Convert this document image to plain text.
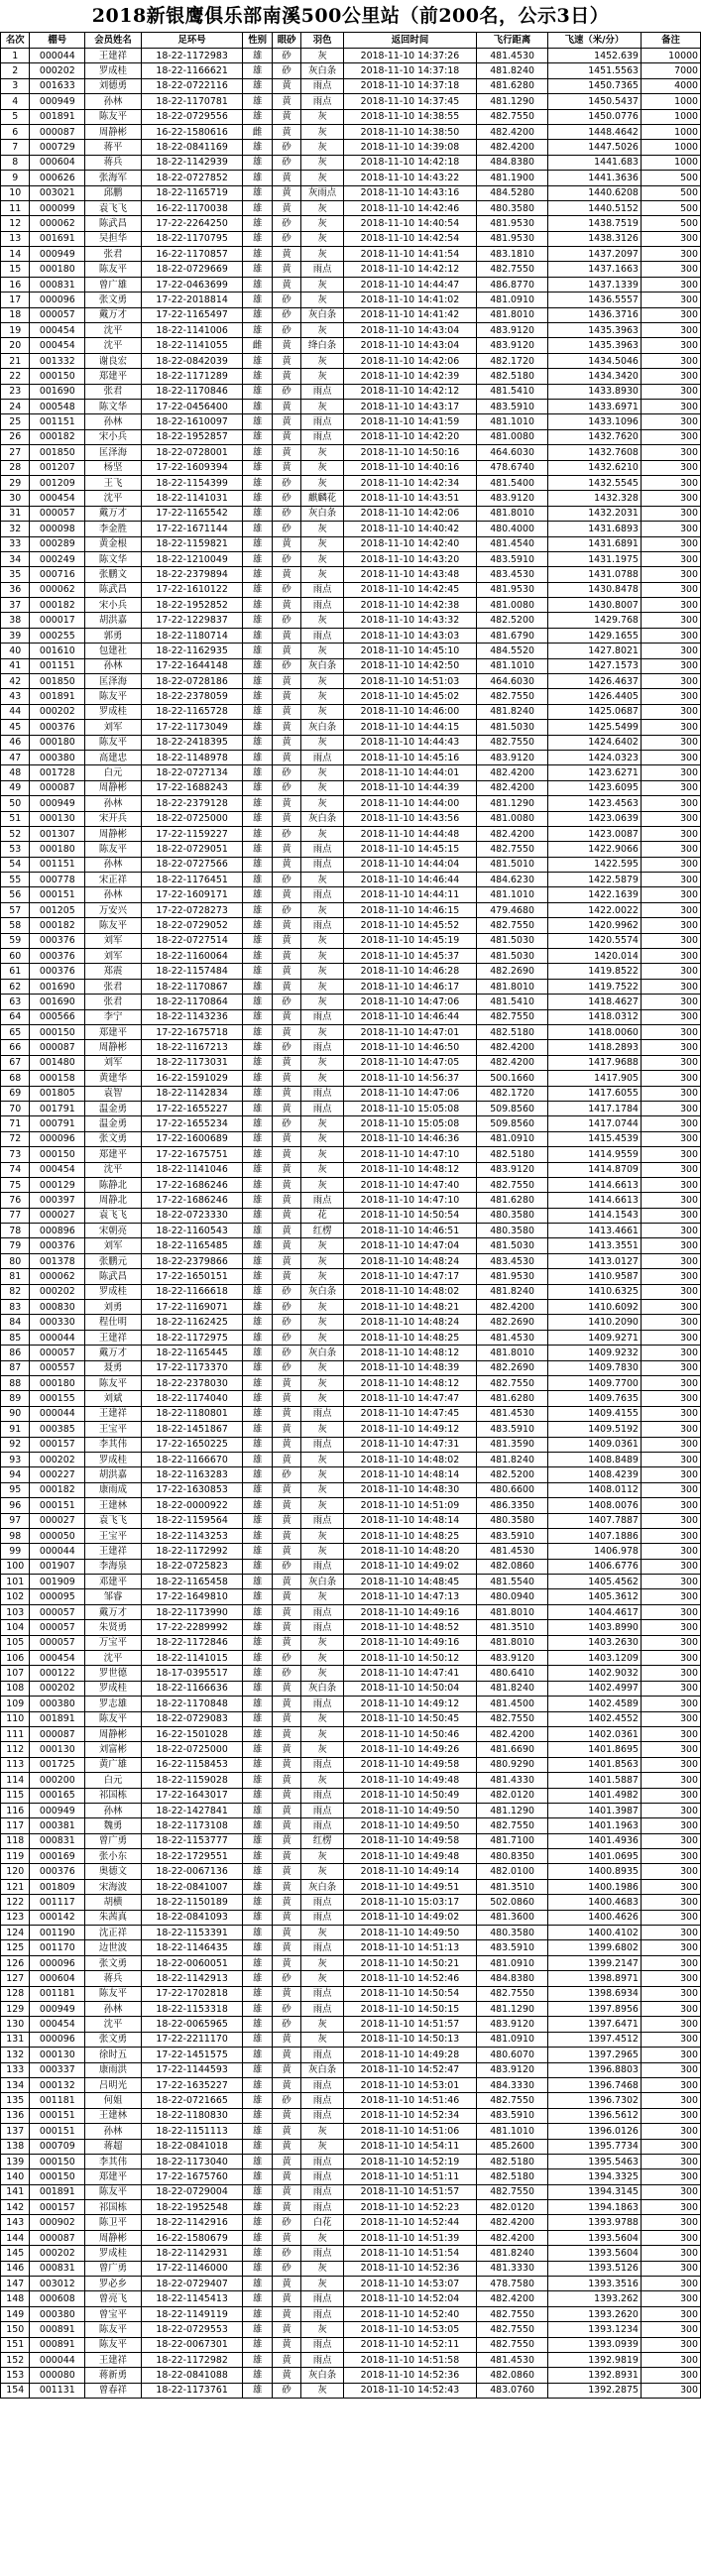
2018新银鹰俱乐部南溪500公里站（前200名，公示3日）
名次	棚号	会员姓名	足环号	性别	眼砂	羽色	返回时间	飞行距离	飞速（米/分）	备注
1	000044	王建祥	18-22-1172983	雄	砂	灰	2018-11-10 14:37:26	481.4530	1452.639	10000
2	000202	罗成桂	18-22-1166621	雄	砂	灰白条	2018-11-10 14:37:18	481.8240	1451.5563	7000
3	001633	刘德勇	18-22-0722116	雄	黄	雨点	2018-11-10 14:37:18	481.6280	1450.7365	4000
4	000949	孙林	18-22-1170781	雄	黄	雨点	2018-11-10 14:37:45	481.1290	1450.5437	1000
5	001891	陈友平	18-22-0729556	雄	黄	灰	2018-11-10 14:38:55	482.7550	1450.0776	1000
6	000087	周静彬	16-22-1580616	雌	黄	灰	2018-11-10 14:38:50	482.4200	1448.4642	1000
7	000729	蒋平	18-22-0841169	雄	砂	灰	2018-11-10 14:39:08	482.4200	1447.5026	1000
8	000604	蒋兵	18-22-1142939	雄	砂	灰	2018-11-10 14:42:18	484.8380	1441.683	1000
9	000626	张海军	18-22-0727852	雄	黄	灰	2018-11-10 14:43:22	481.1900	1441.3636	500
10	003021	邱鹏	18-22-1165719	雄	黄	灰雨点	2018-11-10 14:43:16	484.5280	1440.6208	500
11	000099	袁飞飞	16-22-1170038	雄	黄	灰	2018-11-10 14:42:46	480.3580	1440.5152	500
12	000062	陈武昌	17-22-2264250	雄	砂	灰	2018-11-10 14:40:54	481.9530	1438.7519	500
13	001691	吴担华	18-22-1170795	雄	砂	灰	2018-11-10 14:42:54	481.9530	1438.3126	300
14	000949	张君	16-22-1170857	雄	黄	灰	2018-11-10 14:41:54	483.1810	1437.2097	300
15	000180	陈友平	18-22-0729669	雄	黄	雨点	2018-11-10 14:42:12	482.7550	1437.1663	300
16	000831	曾广雄	17-22-0463699	雄	黄	灰	2018-11-10 14:44:47	486.8770	1437.1339	300
17	000096	张文勇	17-22-2018814	雄	砂	灰	2018-11-10 14:41:02	481.0910	1436.5557	300
18	000057	戴万才	17-22-1165497	雄	砂	灰白条	2018-11-10 14:41:42	481.8010	1436.3716	300
19	000454	沈平	18-22-1141006	雄	砂	灰	2018-11-10 14:43:04	483.9120	1435.3963	300
20	000454	沈平	18-22-1141055	雌	黄	绛白条	2018-11-10 14:43:04	483.9120	1435.3963	300
21	001332	谢良宏	18-22-0842039	雄	黄	灰	2018-11-10 14:42:06	482.1720	1434.5046	300
22	000150	郑建平	18-22-1171289	雄	黄	灰	2018-11-10 14:42:39	482.5180	1434.3420	300
23	001690	张君	18-22-1170846	雄	砂	雨点	2018-11-10 14:42:12	481.5410	1433.8930	300
24	000548	陈文华	17-22-0456400	雄	黄	灰	2018-11-10 14:43:17	483.5910	1433.6971	300
25	001151	孙林	18-22-1610097	雄	黄	雨点	2018-11-10 14:41:59	481.1010	1433.1096	300
26	000182	宋小兵	18-22-1952857	雄	黄	雨点	2018-11-10 14:42:20	481.0080	1432.7620	300
27	001850	匡泽海	18-22-0728001	雄	黄	灰	2018-11-10 14:50:16	464.6030	1432.7608	300
28	001207	杨坚	17-22-1609394	雄	黄	灰	2018-11-10 14:40:16	478.6740	1432.6210	300
29	001209	王飞	18-22-1154399	雄	砂	灰	2018-11-10 14:42:34	481.5400	1432.5545	300
30	000454	沈平	18-22-1141031	雄	砂	麒麟花	2018-11-10 14:43:51	483.9120	1432.328	300
31	000057	戴万才	17-22-1165542	雄	砂	灰白条	2018-11-10 14:42:06	481.8010	1432.2031	300
32	000098	李金胜	17-22-1671144	雄	砂	灰	2018-11-10 14:40:42	480.4000	1431.6893	300
33	000289	黄金根	18-22-1159821	雄	黄	灰	2018-11-10 14:42:40	481.4540	1431.6891	300
34	000249	陈文华	18-22-1210049	雄	砂	灰	2018-11-10 14:43:20	483.5910	1431.1975	300
35	000716	张鹏文	18-22-2379894	雄	黄	灰	2018-11-10 14:43:48	483.4530	1431.0788	300
36	000062	陈武昌	17-22-1610122	雄	砂	雨点	2018-11-10 14:42:45	481.9530	1430.8478	300
37	000182	宋小兵	18-22-1952852	雄	黄	雨点	2018-11-10 14:42:38	481.0080	1430.8007	300
38	000017	胡洪嘉	17-22-1229837	雄	砂	灰	2018-11-10 14:43:32	482.5200	1429.768	300
39	000255	郭勇	18-22-1180714	雄	黄	雨点	2018-11-10 14:43:03	481.6790	1429.1655	300
40	001610	包建社	18-22-1162935	雄	黄	灰	2018-11-10 14:45:10	484.5520	1427.8021	300
41	001151	孙林	17-22-1644148	雄	砂	灰白条	2018-11-10 14:42:50	481.1010	1427.1573	300
42	001850	匡泽海	18-22-0728186	雄	黄	灰	2018-11-10 14:51:03	464.6030	1426.4637	300
43	001891	陈友平	18-22-2378059	雄	黄	灰	2018-11-10 14:45:02	482.7550	1426.4405	300
44	000202	罗成桂	18-22-1165728	雄	黄	灰	2018-11-10 14:46:00	481.8240	1425.0687	300
45	000376	刘军	17-22-1173049	雄	黄	灰白条	2018-11-10 14:44:15	481.5030	1425.5499	300
46	000180	陈友平	18-22-2418395	雄	黄	灰	2018-11-10 14:44:43	482.7550	1424.6402	300
47	000380	高建忠	18-22-1148978	雄	黄	雨点	2018-11-10 14:45:16	483.9120	1424.0323	300
48	001728	白元	18-22-0727134	雄	砂	灰	2018-11-10 14:44:01	482.4200	1423.6271	300
49	000087	周静彬	17-22-1688243	雄	砂	灰	2018-11-10 14:44:39	482.4200	1423.6095	300
50	000949	孙林	18-22-2379128	雄	黄	灰	2018-11-10 14:44:00	481.1290	1423.4563	300
51	000130	宋开兵	18-22-0725000	雄	黄	灰白条	2018-11-10 14:43:56	481.0080	1423.0639	300
52	001307	周静彬	17-22-1159227	雄	砂	灰	2018-11-10 14:44:48	482.4200	1423.0087	300
53	000180	陈友平	18-22-0729051	雄	黄	雨点	2018-11-10 14:45:15	482.7550	1422.9066	300
54	001151	孙林	18-22-0727566	雄	黄	雨点	2018-11-10 14:44:04	481.5010	1422.595	300
55	000778	宋正祥	18-22-1176451	雄	砂	灰	2018-11-10 14:46:44	484.6230	1422.5879	300
56	000151	孙林	17-22-1609171	雄	黄	雨点	2018-11-10 14:44:11	481.1010	1422.1639	300
57	001205	万安兴	17-22-0728273	雄	砂	灰	2018-11-10 14:46:15	479.4680	1422.0022	300
58	000182	陈友平	18-22-0729052	雄	黄	雨点	2018-11-10 14:45:52	482.7550	1420.9962	300
59	000376	刘军	18-22-0727514	雄	黄	灰	2018-11-10 14:45:19	481.5030	1420.5574	300
60	000376	刘军	18-22-1160064	雄	黄	灰	2018-11-10 14:45:37	481.5030	1420.014	300
61	000376	郑震	18-22-1157484	雄	黄	灰	2018-11-10 14:46:28	482.2690	1419.8522	300
62	001690	张君	18-22-1170867	雄	黄	灰	2018-11-10 14:46:17	481.8010	1419.7522	300
63	001690	张君	18-22-1170864	雄	砂	灰	2018-11-10 14:47:06	481.5410	1418.4627	300
64	000566	李宁	18-22-1143236	雄	黄	雨点	2018-11-10 14:46:44	482.7550	1418.0312	300
65	000150	郑建平	17-22-1675718	雄	黄	灰	2018-11-10 14:47:01	482.5180	1418.0060	300
66	000087	周静彬	18-22-1167213	雄	砂	雨点	2018-11-10 14:46:50	482.4200	1418.2893	300
67	001480	刘军	18-22-1173031	雄	黄	灰	2018-11-10 14:47:05	482.4200	1417.9688	300
68	000158	黄建华	16-22-1591029	雄	黄	灰	2018-11-10 14:56:37	500.1660	1417.905	300
69	001805	袁智	18-22-1142834	雄	黄	雨点	2018-11-10 14:47:06	482.1720	1417.6055	300
70	001791	温金勇	17-22-1655227	雄	黄	雨点	2018-11-10 15:05:08	509.8560	1417.1784	300
71	000791	温金勇	17-22-1655234	雄	砂	灰	2018-11-10 15:05:08	509.8560	1417.0744	300
72	000096	张文勇	17-22-1600689	雄	黄	灰	2018-11-10 14:46:36	481.0910	1415.4539	300
73	000150	郑建平	17-22-1675751	雄	黄	灰	2018-11-10 14:47:10	482.5180	1414.9559	300
74	000454	沈平	18-22-1141046	雄	黄	灰	2018-11-10 14:48:12	483.9120	1414.8709	300
75	000129	陈静北	17-22-1686246	雄	黄	灰	2018-11-10 14:47:40	482.7550	1414.6613	300
76	000397	周静北	17-22-1686246	雄	黄	雨点	2018-11-10 14:47:10	481.6280	1414.6613	300
77	000027	袁飞飞	18-22-0723330	雄	黄	花	2018-11-10 14:50:54	480.3580	1414.1543	300
78	000896	宋朝亮	18-22-1160543	雄	黄	红楞	2018-11-10 14:46:51	480.3580	1413.4661	300
79	000376	刘军	18-22-1165485	雄	黄	灰	2018-11-10 14:47:04	481.5030	1413.3551	300
80	001378	张鹏元	18-22-2379866	雄	黄	灰	2018-11-10 14:48:24	483.4530	1413.0127	300
81	000062	陈武昌	17-22-1650151	雄	黄	灰	2018-11-10 14:47:17	481.9530	1410.9587	300
82	000202	罗成桂	18-22-1166618	雄	砂	灰白条	2018-11-10 14:48:02	481.8240	1410.6325	300
83	000830	刘勇	17-22-1169071	雄	砂	灰	2018-11-10 14:48:21	482.4200	1410.6092	300
84	000330	程仕明	18-22-1162425	雄	砂	灰	2018-11-10 14:48:24	482.2690	1410.2090	300
85	000044	王建祥	18-22-1172975	雄	砂	灰	2018-11-10 14:48:25	481.4530	1409.9271	300
86	000057	戴万才	18-22-1165445	雄	砂	灰白条	2018-11-10 14:48:12	481.8010	1409.9232	300
87	000557	聂勇	17-22-1173370	雄	砂	灰	2018-11-10 14:48:39	482.2690	1409.7830	300
88	000180	陈友平	18-22-2378030	雄	黄	灰	2018-11-10 14:48:12	482.7550	1409.7700	300
89	000155	刘斌	18-22-1174040	雄	黄	灰	2018-11-10 14:47:47	481.6280	1409.7635	300
90	000044	王建祥	18-22-1180801	雄	黄	雨点	2018-11-10 14:47:45	481.4530	1409.4155	300
91	000385	王宝平	18-22-1451867	雄	黄	灰	2018-11-10 14:49:12	483.5910	1409.5192	300
92	000157	李其伟	17-22-1650225	雄	黄	雨点	2018-11-10 14:47:31	481.3590	1409.0361	300
93	000202	罗成桂	18-22-1166670	雄	黄	灰	2018-11-10 14:48:02	481.8240	1408.8489	300
94	000227	胡洪嘉	18-22-1163283	雄	砂	灰	2018-11-10 14:48:14	482.5200	1408.4239	300
95	000182	康雨成	17-22-1630853	雄	黄	灰	2018-11-10 14:48:30	480.6600	1408.0112	300
96	000151	王建林	18-22-0000922	雄	黄	灰	2018-11-10 14:51:09	486.3350	1408.0076	300
97	000027	袁飞飞	18-22-1159564	雄	黄	雨点	2018-11-10 14:48:14	480.3580	1407.7887	300
98	000050	王宝平	18-22-1143253	雄	黄	灰	2018-11-10 14:48:25	483.5910	1407.1886	300
99	000044	王建祥	18-22-1172992	雄	黄	灰	2018-11-10 14:48:20	481.4530	1406.978	300
100	001907	李海泉	18-22-0725823	雄	砂	雨点	2018-11-10 14:49:02	482.0860	1406.6776	300
101	001909	邓建平	18-22-1165458	雄	黄	灰白条	2018-11-10 14:48:45	481.5540	1405.4562	300
102	000095	邹睿	17-22-1649810	雄	黄	灰	2018-11-10 14:47:13	480.0940	1405.3612	300
103	000057	戴万才	18-22-1173990	雄	黄	雨点	2018-11-10 14:49:16	481.8010	1404.4617	300
104	000057	朱贤勇	17-22-2289992	雄	黄	雨点	2018-11-10 14:48:52	481.3510	1403.8990	300
105	000057	万宝平	18-22-1172846	雄	黄	灰	2018-11-10 14:49:16	481.8010	1403.2630	300
106	000454	沈平	18-22-1141015	雄	砂	灰	2018-11-10 14:50:12	483.9120	1403.1209	300
107	000122	罗世德	18-17-0395517	雄	砂	灰	2018-11-10 14:47:41	480.6410	1402.9032	300
108	000202	罗成桂	18-22-1166636	雄	黄	灰白条	2018-11-10 14:50:04	481.8240	1402.4997	300
109	000380	罗志雄	18-22-1170848	雄	黄	雨点	2018-11-10 14:49:12	481.4500	1402.4589	300
110	001891	陈友平	18-22-0729083	雄	黄	灰	2018-11-10 14:50:45	482.7550	1402.4552	300
111	000087	周静彬	16-22-1501028	雄	黄	灰	2018-11-10 14:50:46	482.4200	1402.0361	300
112	000130	刘富彬	18-22-0725000	雄	黄	灰	2018-11-10 14:49:26	481.6690	1401.8695	300
113	001725	黄广雄	16-22-1158453	雄	黄	雨点	2018-11-10 14:49:58	480.9290	1401.8563	300
114	000200	白元	18-22-1159028	雄	黄	灰	2018-11-10 14:49:48	481.4330	1401.5887	300
115	000165	祁国栋	17-22-1643017	雄	黄	雨点	2018-11-10 14:50:49	482.0120	1401.4982	300
116	000949	孙林	18-22-1427841	雄	黄	雨点	2018-11-10 14:49:50	481.1290	1401.3987	300
117	000381	魏勇	18-22-1173108	雄	黄	雨点	2018-11-10 14:49:50	482.7550	1401.1963	300
118	000831	曾广勇	18-22-1153777	雄	黄	红楞	2018-11-10 14:49:58	481.7100	1401.4936	300
119	000169	张小东	18-22-1729551	雄	黄	灰	2018-11-10 14:49:48	480.8350	1401.0695	300
120	000376	奥德文	18-22-0067136	雄	黄	灰	2018-11-10 14:49:14	482.0100	1400.8935	300
121	001809	宋海波	18-22-0841007	雄	黄	灰白条	2018-11-10 14:49:51	481.3510	1400.1986	300
122	001117	胡横	18-22-1150189	雄	黄	雨点	2018-11-10 15:03:17	502.0860	1400.4683	300
123	000142	朱茜真	18-22-0841093	雄	黄	雨点	2018-11-10 14:49:02	481.3600	1400.4626	300
124	001190	沈正祥	18-22-1153391	雄	黄	灰	2018-11-10 14:49:50	480.3580	1400.4102	300
125	001170	边世波	18-22-1146435	雄	黄	雨点	2018-11-10 14:51:13	483.5910	1399.6802	300
126	000096	张文勇	18-22-0060051	雄	黄	灰	2018-11-10 14:50:21	481.0910	1399.2147	300
127	000604	蒋兵	18-22-1142913	雄	砂	灰	2018-11-10 14:52:46	484.8380	1398.8971	300
128	001181	陈友平	17-22-1702818	雄	黄	雨点	2018-11-10 14:50:54	482.7550	1398.6934	300
129	000949	孙林	18-22-1153318	雄	砂	雨点	2018-11-10 14:50:15	481.1290	1397.8956	300
130	000454	沈平	18-22-0065965	雄	砂	灰	2018-11-10 14:51:57	483.9120	1397.6471	300
131	000096	张文勇	17-22-2211170	雄	黄	灰	2018-11-10 14:50:13	481.0910	1397.4512	300
132	000130	徐时五	17-22-1451575	雄	黄	雨点	2018-11-10 14:49:28	480.6070	1397.2965	300
133	000337	康雨洪	17-22-1144593	雄	黄	灰白条	2018-11-10 14:52:47	483.9120	1396.8803	300
134	000132	吕明光	17-22-1635227	雄	黄	雨点	2018-11-10 14:53:01	484.3330	1396.7468	300
135	001181	何姐	18-22-0721665	雄	砂	雨点	2018-11-10 14:51:46	482.7550	1396.7302	300
136	000151	王建林	18-22-1180830	雄	黄	雨点	2018-11-10 14:52:34	483.5910	1396.5612	300
137	000151	孙林	18-22-1151113	雄	黄	灰	2018-11-10 14:51:06	481.1010	1396.0126	300
138	000709	蒋超	18-22-0841018	雄	黄	灰	2018-11-10 14:54:11	485.2600	1395.7734	300
139	000150	李其伟	18-22-1173040	雄	黄	雨点	2018-11-10 14:52:19	482.5180	1395.5463	300
140	000150	郑建平	17-22-1675760	雄	黄	雨点	2018-11-10 14:51:11	482.5180	1394.3325	300
141	001891	陈友平	18-22-0729004	雄	黄	雨点	2018-11-10 14:51:57	482.7550	1394.3145	300
142	000157	祁国栋	18-22-1952548	雄	黄	雨点	2018-11-10 14:52:23	482.0120	1394.1863	300
143	000902	陈卫平	18-22-1142916	雄	砂	白花	2018-11-10 14:52:44	482.4200	1393.9788	300
144	000087	周静彬	16-22-1580679	雄	黄	灰	2018-11-10 14:51:39	482.4200	1393.5604	300
145	000202	罗成桂	18-22-1142931	雄	砂	雨点	2018-11-10 14:51:54	481.8240	1393.5604	300
146	000831	曾广勇	17-22-1146000	雄	砂	灰	2018-11-10 14:52:36	481.3330	1393.5126	300
147	003012	罗必乡	18-22-0729407	雄	黄	灰	2018-11-10 14:53:07	478.7580	1393.3516	300
148	000608	曾亮飞	18-22-1145413	雄	黄	雨点	2018-11-10 14:52:04	482.4200	1393.262	300
149	000380	曾宝平	18-22-1149119	雄	黄	雨点	2018-11-10 14:52:40	482.7550	1393.2620	300
150	000891	陈友平	18-22-0729553	雄	黄	灰	2018-11-10 14:53:05	482.7550	1393.1234	300
151	000891	陈友平	18-22-0067301	雄	黄	雨点	2018-11-10 14:52:11	482.7550	1393.0939	300
152	000044	王建祥	18-22-1172982	雄	黄	雨点	2018-11-10 14:51:58	481.4530	1392.9819	300
153	000080	蒋新勇	18-22-0841088	雄	黄	灰白条	2018-11-10 14:52:36	482.0860	1392.8931	300
154	001131	曾春祥	18-22-1173761	雄	砂	灰	2018-11-10 14:52:43	483.0760	1392.2875	300
